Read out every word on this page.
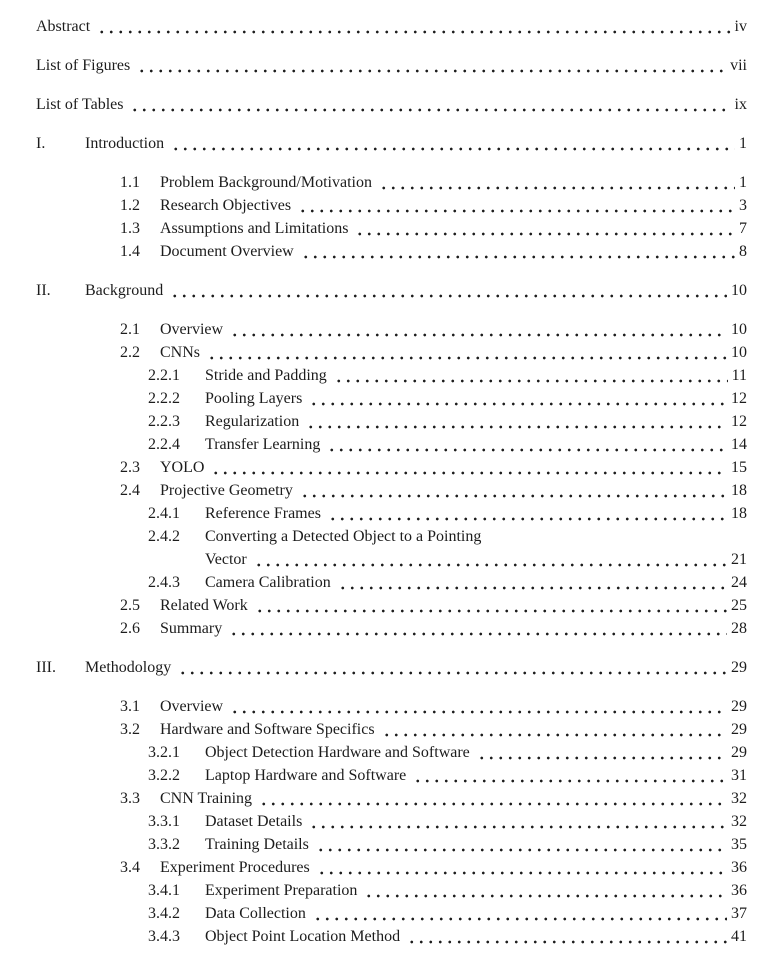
Abstract	iv
List of Figures	vii
List of Tables	ix
I.	Introduction	1
1.1	Problem Background/Motivation	1
1.2	Research Objectives	3
1.3	Assumptions and Limitations	7
1.4	Document Overview	8
II.	Background	10
2.1	Overview	10
2.2	CNNs	10
2.2.1	Stride and Padding	11
2.2.2	Pooling Layers	12
2.2.3	Regularization	12
2.2.4	Transfer Learning	14
2.3	YOLO	15
2.4	Projective Geometry	18
2.4.1	Reference Frames	18
2.4.2	Converting a Detected Object to a Pointing
Vector	21
2.4.3	Camera Calibration	24
2.5	Related Work	25
2.6	Summary	28
III.	Methodology	29
3.1	Overview	29
3.2	Hardware and Software Specifics	29
3.2.1	Object Detection Hardware and Software	29
3.2.2	Laptop Hardware and Software	31
3.3	CNN Training	32
3.3.1	Dataset Details	32
3.3.2	Training Details	35
3.4	Experiment Procedures	36
3.4.1	Experiment Preparation	36
3.4.2	Data Collection	37
3.4.3	Object Point Location Method	41
